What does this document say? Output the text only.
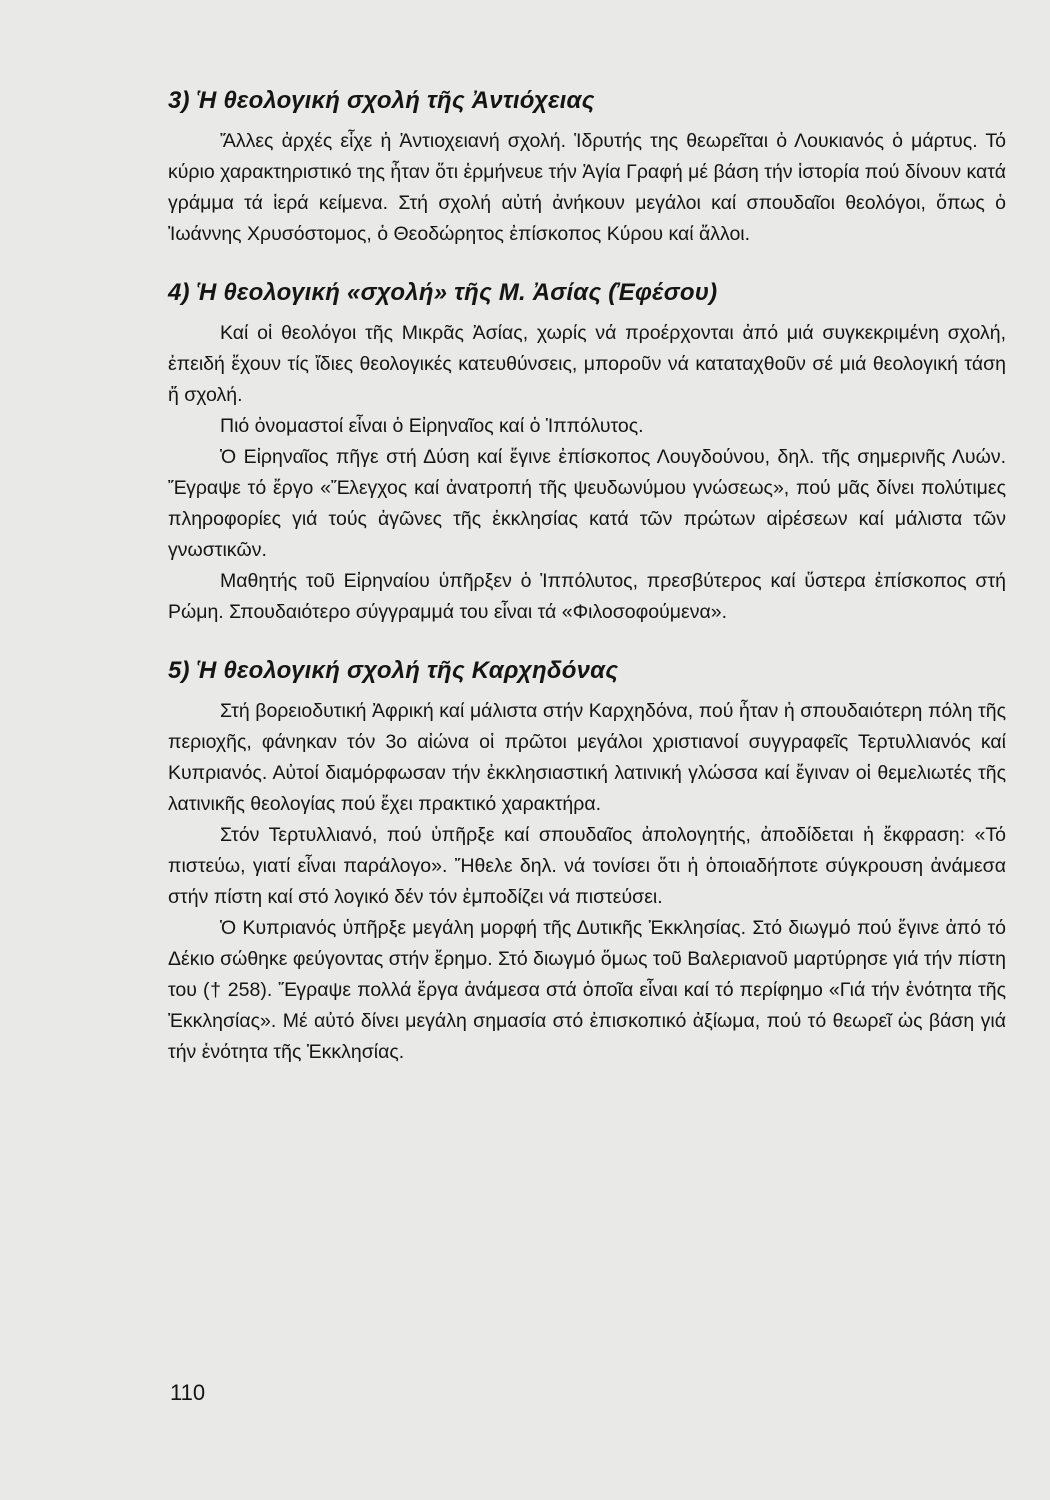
3) Ἡ θεολογική σχολή τῆς Ἀντιόχειας

Ἄλλες ἀρχές εἶχε ἡ Ἀντιοχειανή σχολή. Ἱδρυτής της θεωρεῖται ὁ Λουκιανός ὁ μάρτυς. Τό κύριο χαρακτηριστικό της ἦταν ὅτι ἑρμήνευε τήν Ἁγία Γραφή μέ βάση τήν ἱστορία πού δίνουν κατά γράμμα τά ἱερά κείμενα. Στή σχολή αὐτή ἀνήκουν μεγάλοι καί σπουδαῖοι θεολόγοι, ὅπως ὁ Ἰωάννης Χρυσόστομος, ὁ Θεοδώρητος ἐπίσκοπος Κύρου καί ἄλλοι.

4) Ἡ θεολογική «σχολή» τῆς Μ. Ἀσίας (Ἐφέσου)

Καί οἱ θεολόγοι τῆς Μικρᾶς Ἀσίας, χωρίς νά προέρχονται ἀπό μιά συγκεκριμένη σχολή, ἐπειδή ἔχουν τίς ἴδιες θεολογικές κατευθύνσεις, μποροῦν νά καταταχθοῦν σέ μιά θεολογική τάση ἤ σχολή.

Πιό ὀνομαστοί εἶναι ὁ Εἰρηναῖος καί ὁ Ἱππόλυτος.

Ὁ Εἰρηναῖος πῆγε στή Δύση καί ἔγινε ἐπίσκοπος Λουγδούνου, δηλ. τῆς σημερινῆς Λυών. Ἔγραψε τό ἔργο «Ἔλεγχος καί ἀνατροπή τῆς ψευδωνύμου γνώσεως», πού μᾶς δίνει πολύτιμες πληροφορίες γιά τούς ἀγῶνες τῆς ἐκκλησίας κατά τῶν πρώτων αἱρέσεων καί μάλιστα τῶν γνωστικῶν.

Μαθητής τοῦ Εἰρηναίου ὑπῆρξεν ὁ Ἱππόλυτος, πρεσβύτερος καί ὕστερα ἐπίσκοπος στή Ρώμη. Σπουδαιότερο σύγγραμμά του εἶναι τά «Φιλοσοφούμενα».

5) Ἡ θεολογική σχολή τῆς Καρχηδόνας

Στή βορειοδυτική Ἀφρική καί μάλιστα στήν Καρχηδόνα, πού ἦταν ἡ σπουδαιότερη πόλη τῆς περιοχῆς, φάνηκαν τόν 3ο αἰώνα οἱ πρῶτοι μεγάλοι χριστιανοί συγγραφεῖς Τερτυλλιανός καί Κυπριανός. Αὐτοί διαμόρφωσαν τήν ἐκκλησιαστική λατινική γλώσσα καί ἔγιναν οἱ θεμελιωτές τῆς λατινικῆς θεολογίας πού ἔχει πρακτικό χαρακτήρα.

Στόν Τερτυλλιανό, πού ὑπῆρξε καί σπουδαῖος ἀπολογητής, ἀποδίδεται ἡ ἔκφραση: «Τό πιστεύω, γιατί εἶναι παράλογο». Ἤθελε δηλ. νά τονίσει ὅτι ἡ ὁποιαδήποτε σύγκρουση ἀνάμεσα στήν πίστη καί στό λογικό δέν τόν ἐμποδίζει νά πιστεύσει.

Ὁ Κυπριανός ὑπῆρξε μεγάλη μορφή τῆς Δυτικῆς Ἐκκλησίας. Στό διωγμό πού ἔγινε ἀπό τό Δέκιο σώθηκε φεύγοντας στήν ἔρημο. Στό διωγμό ὅμως τοῦ Βαλεριανοῦ μαρτύρησε γιά τήν πίστη του († 258). Ἔγραψε πολλά ἔργα ἀνάμεσα στά ὁποῖα εἶναι καί τό περίφημο «Γιά τήν ἑνότητα τῆς Ἐκκλησίας». Μέ αὐτό δίνει μεγάλη σημασία στό ἐπισκοπικό ἀξίωμα, πού τό θεωρεῖ ὡς βάση γιά τήν ἑνότητα τῆς Ἐκκλησίας.

110
